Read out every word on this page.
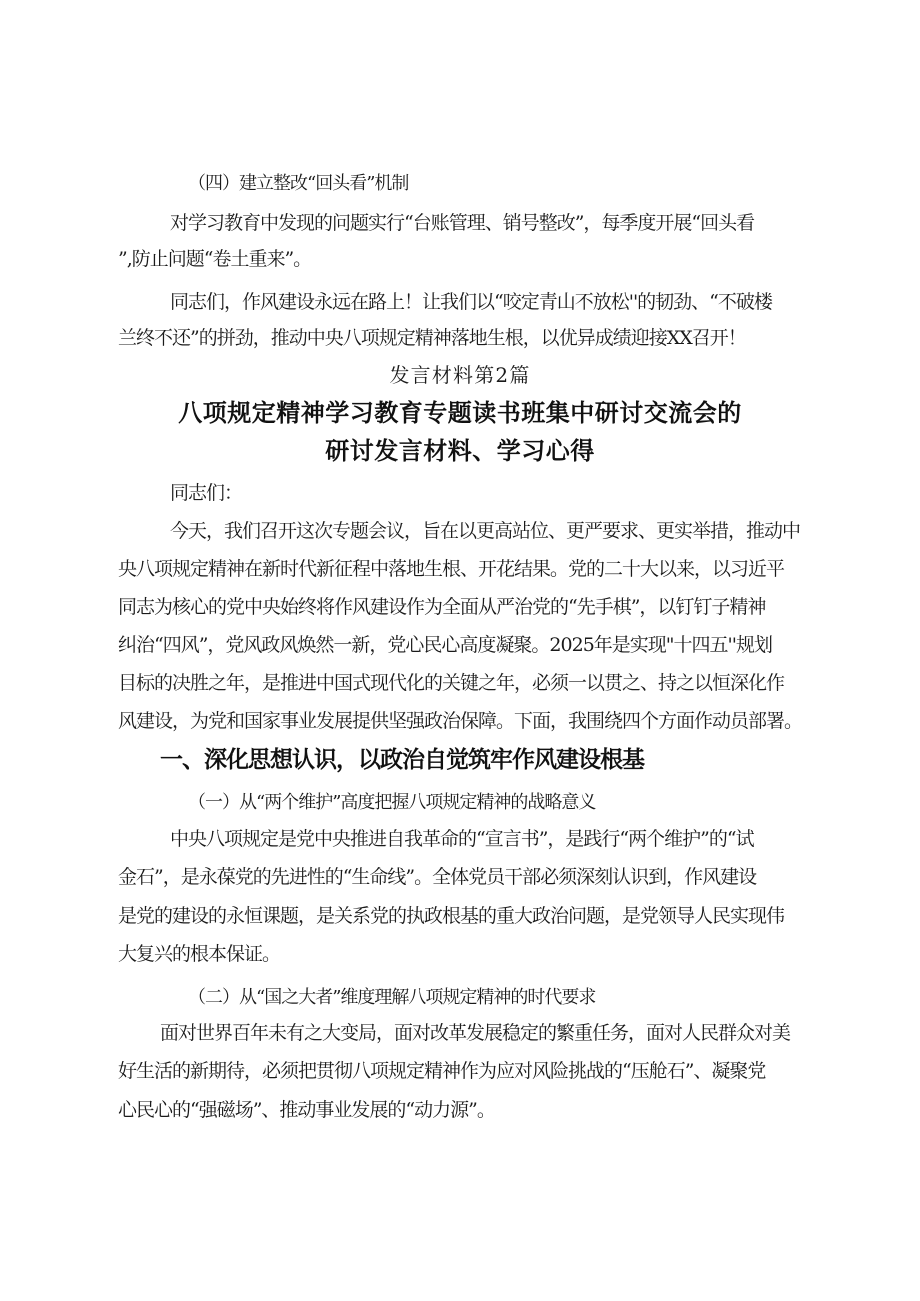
（四）建立整改“回头看”机制
对学习教育中发现的问题实行“台账管理、销号整改”，每季度开展“回头看
”,防止问题“卷土重来”。
同志们，作风建设永远在路上！让我们以“咬定青山不放松''的韧劲、“不破楼
兰终不还”的拼劲，推动中央八项规定精神落地生根，以优异成绩迎接XX召开！
发言材料第2篇
八项规定精神学习教育专题读书班集中研讨交流会的
研讨发言材料、学习心得
同志们：
今天，我们召开这次专题会议，旨在以更高站位、更严要求、更实举措，推动中
央八项规定精神在新时代新征程中落地生根、开花结果。党的二十大以来，以习近平
同志为核心的党中央始终将作风建设作为全面从严治党的“先手棋”，以钉钉子精神
纠治“四风”，党风政风焕然一新，党心民心高度凝聚。2025年是实现"十四五''规划
目标的决胜之年，是推进中国式现代化的关键之年，必须一以贯之、持之以恒深化作
风建设，为党和国家事业发展提供坚强政治保障。下面，我围绕四个方面作动员部署。
一、深化思想认识，以政治自觉筑牢作风建设根基
（一）从“两个维护”高度把握八项规定精神的战略意义
中央八项规定是党中央推进自我革命的“宣言书”，是践行“两个维护”的“试
金石”，是永葆党的先进性的“生命线”。全体党员干部必须深刻认识到，作风建设
是党的建设的永恒课题，是关系党的执政根基的重大政治问题，是党领导人民实现伟
大复兴的根本保证。
（二）从“国之大者”维度理解八项规定精神的时代要求
面对世界百年未有之大变局，面对改革发展稳定的繁重任务，面对人民群众对美
好生活的新期待，必须把贯彻八项规定精神作为应对风险挑战的“压舱石”、凝聚党
心民心的“强磁场”、推动事业发展的“动力源”。
